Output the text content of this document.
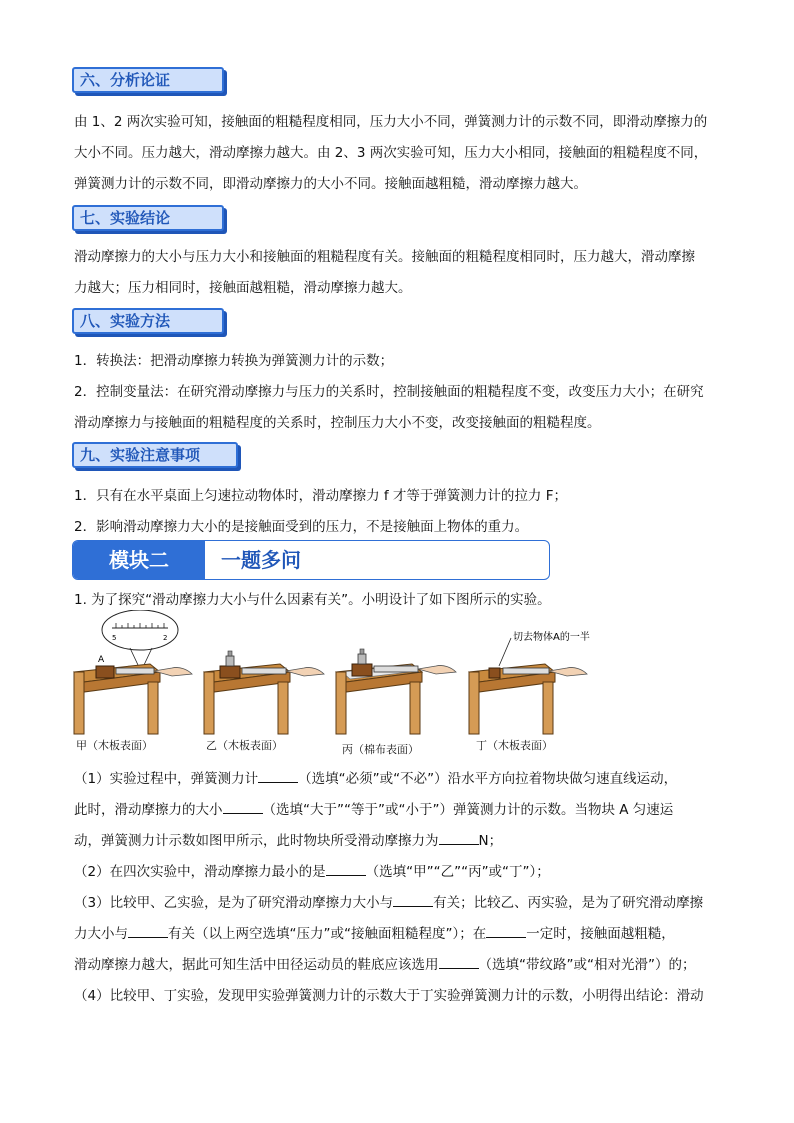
六、分析论证
由 1、2 两次实验可知，接触面的粗糙程度相同，压力大小不同，弹簧测力计的示数不同，即滑动摩擦力的
大小不同。压力越大，滑动摩擦力越大。由 2、3 两次实验可知，压力大小相同，接触面的粗糙程度不同，
弹簧测力计的示数不同，即滑动摩擦力的大小不同。接触面越粗糙，滑动摩擦力越大。
七、实验结论
滑动摩擦力的大小与压力大小和接触面的粗糙程度有关。接触面的粗糙程度相同时，压力越大，滑动摩擦
力越大；压力相同时，接触面越粗糙，滑动摩擦力越大。
八、实验方法
1．转换法：把滑动摩擦力转换为弹簧测力计的示数；
2．控制变量法：在研究滑动摩擦力与压力的关系时，控制接触面的粗糙程度不变，改变压力大小；在研究
滑动摩擦力与接触面的粗糙程度的关系时，控制压力大小不变，改变接触面的粗糙程度。
九、实验注意事项
1．只有在水平桌面上匀速拉动物体时，滑动摩擦力 f 才等于弹簧测力计的拉力 F；
2．影响滑动摩擦力大小的是接触面受到的压力，不是接触面上物体的重力。
模块二	一题多问
1. 为了探究“滑动摩擦力大小与什么因素有关”。小明设计了如下图所示的实验。
5	2
A
切去物体A的一半
甲（木板表面）	乙（木板表面）	丙（棉布表面）	丁（木板表面）
（1）实验过程中，弹簧测力计	（选填“必须”或“不必”）沿水平方向拉着物块做匀速直线运动，
此时，滑动摩擦力的大小	（选填“大于”“等于”或“小于”）弹簧测力计的示数。当物块 A 匀速运
动，弹簧测力计示数如图甲所示，此时物块所受滑动摩擦力为	N；
（2）在四次实验中，滑动摩擦力最小的是	（选填“甲”“乙”“丙”或“丁”）；
（3）比较甲、乙实验，是为了研究滑动摩擦力大小与	有关；比较乙、丙实验，是为了研究滑动摩擦
力大小与	有关（以上两空选填“压力”或“接触面粗糙程度”）；在	一定时，接触面越粗糙，
滑动摩擦力越大，据此可知生活中田径运动员的鞋底应该选用	（选填“带纹路”或“相对光滑”）的；
（4）比较甲、丁实验，发现甲实验弹簧测力计的示数大于丁实验弹簧测力计的示数，小明得出结论：滑动
